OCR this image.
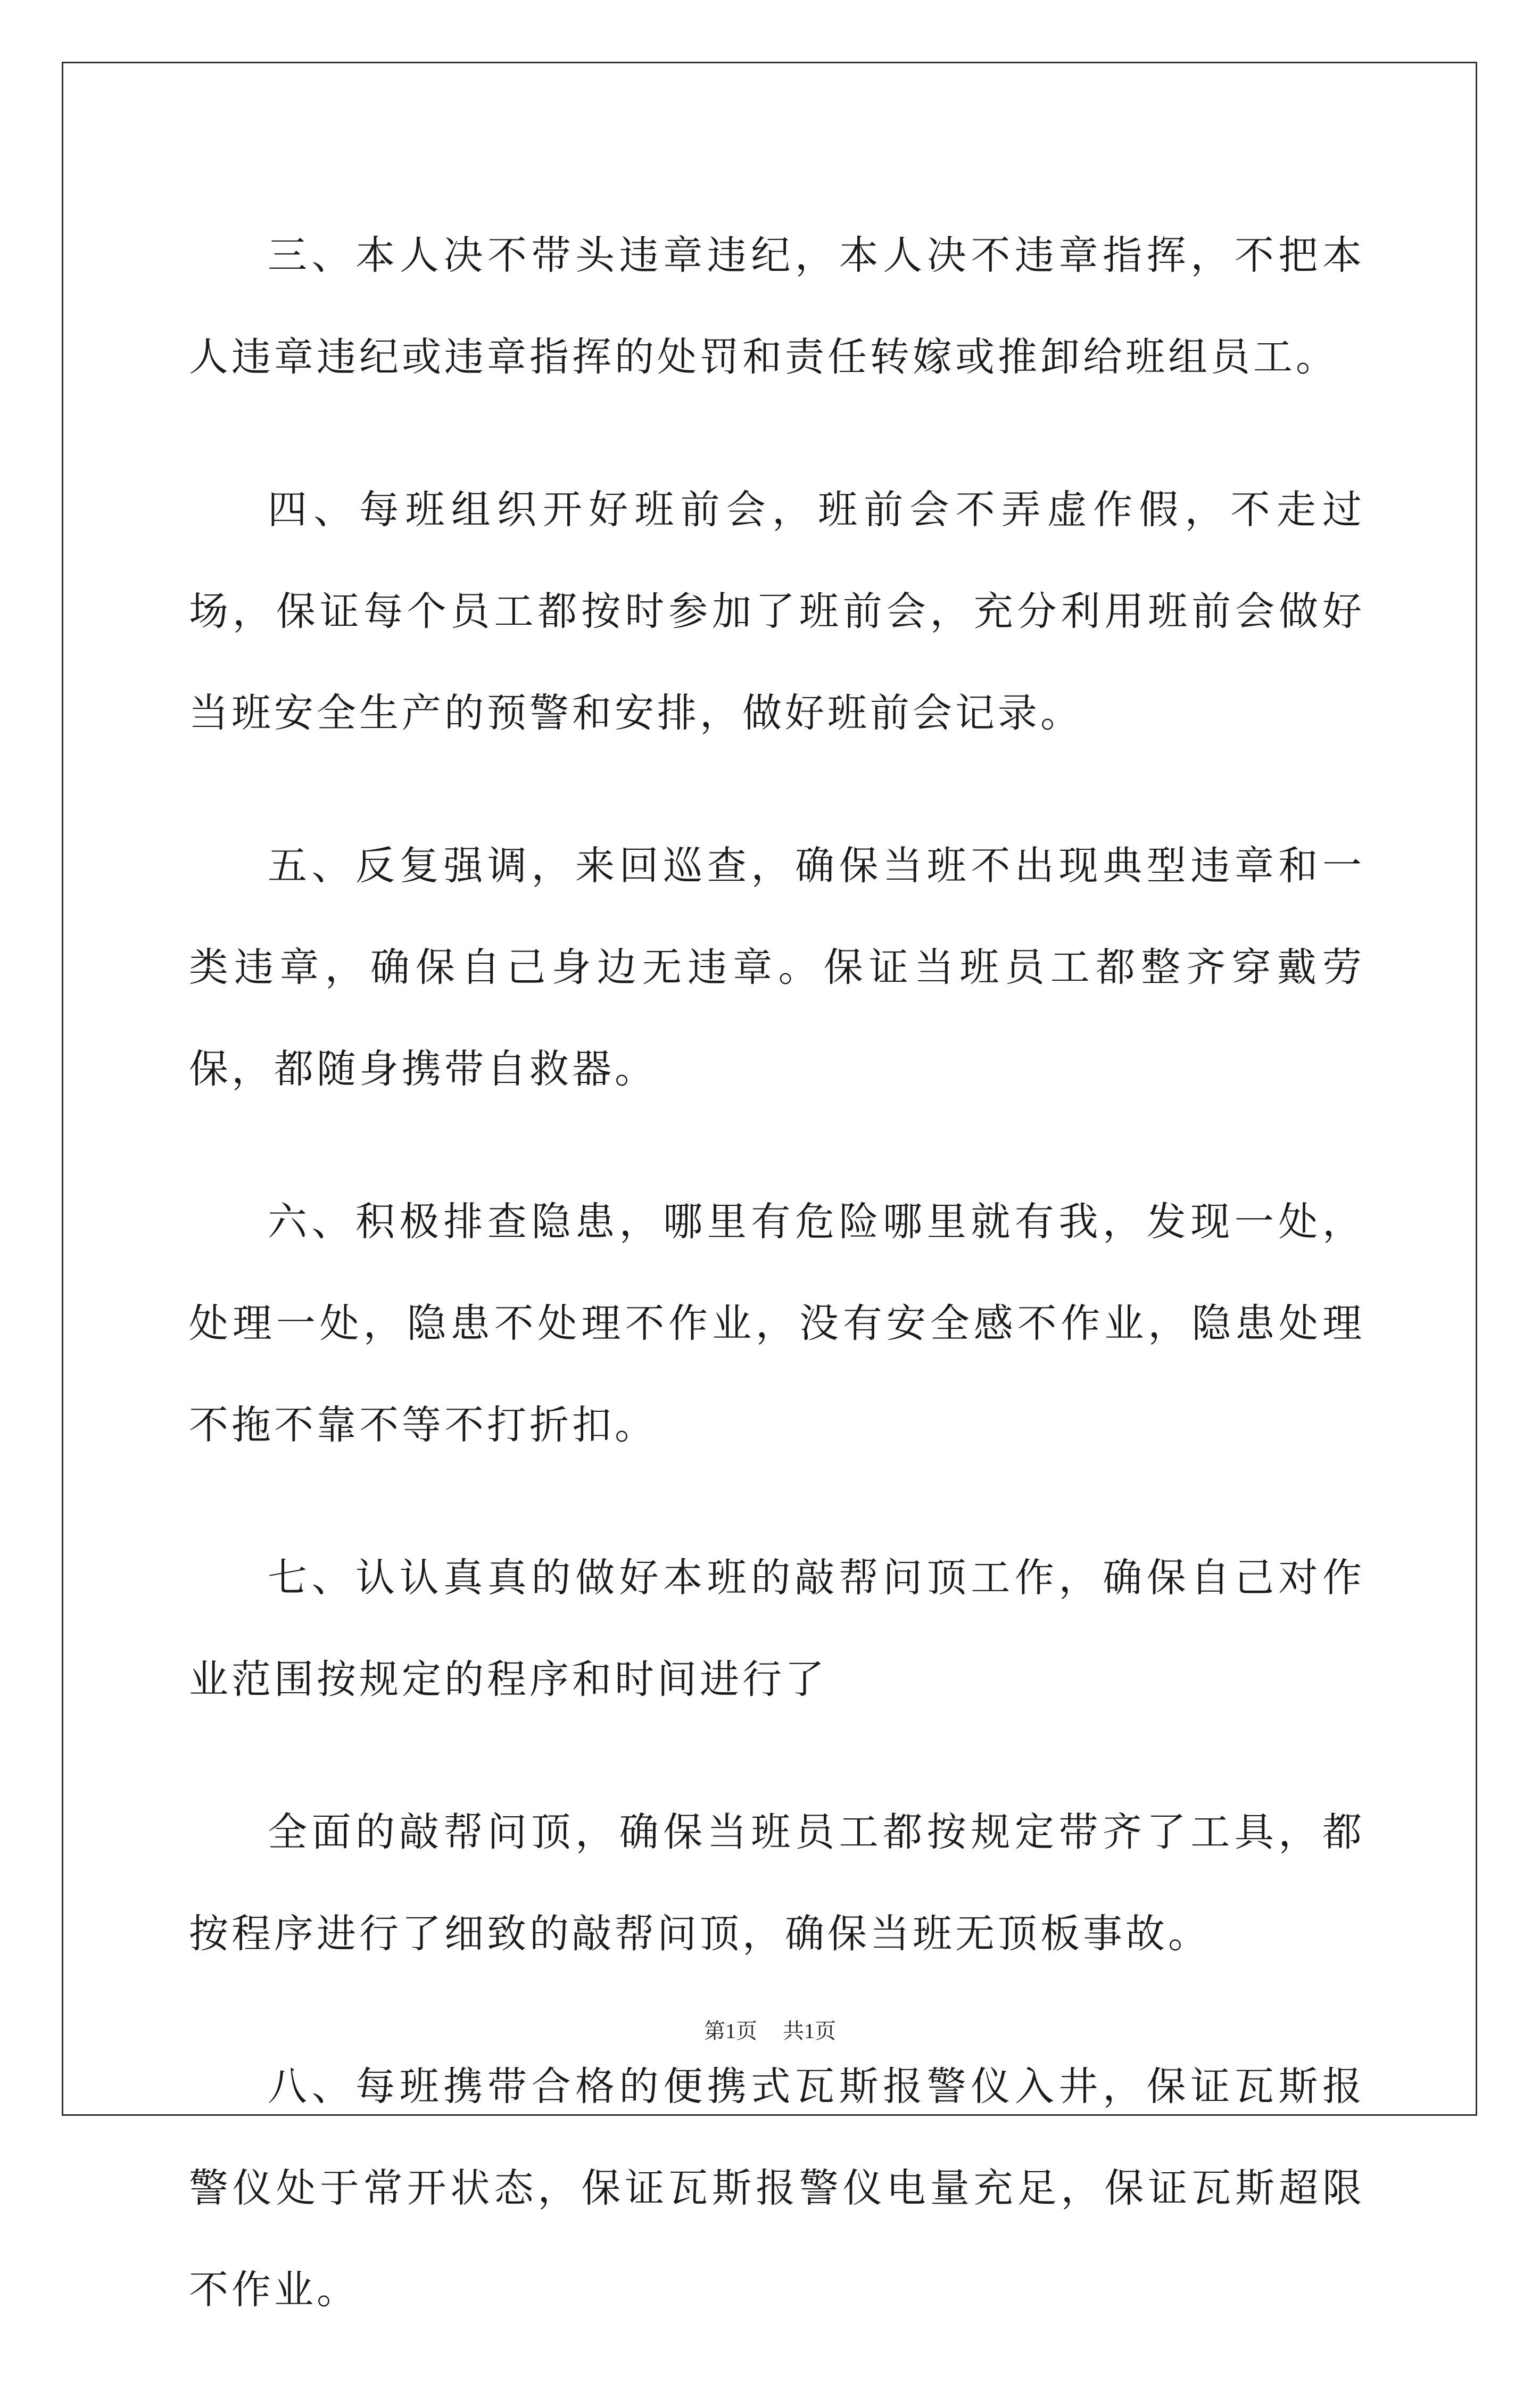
三、本人决不带头违章违纪，本人决不违章指挥，不把本人违章违纪或违章指挥的处罚和责任转嫁或推卸给班组员工。

四、每班组织开好班前会，班前会不弄虚作假，不走过场，保证每个员工都按时参加了班前会，充分利用班前会做好当班安全生产的预警和安排，做好班前会记录。

五、反复强调，来回巡查，确保当班不出现典型违章和一类违章，确保自己身边无违章。保证当班员工都整齐穿戴劳保，都随身携带自救器。

六、积极排查隐患，哪里有危险哪里就有我，发现一处，处理一处，隐患不处理不作业，没有安全感不作业，隐患处理不拖不靠不等不打折扣。

七、认认真真的做好本班的敲帮问顶工作，确保自己对作业范围按规定的程序和时间进行了

全面的敲帮问顶，确保当班员工都按规定带齐了工具，都按程序进行了细致的敲帮问顶，确保当班无顶板事故。

八、每班携带合格的便携式瓦斯报警仪入井，保证瓦斯报警仪处于常开状态，保证瓦斯报警仪电量充足，保证瓦斯超限不作业。

第1页 共1页
